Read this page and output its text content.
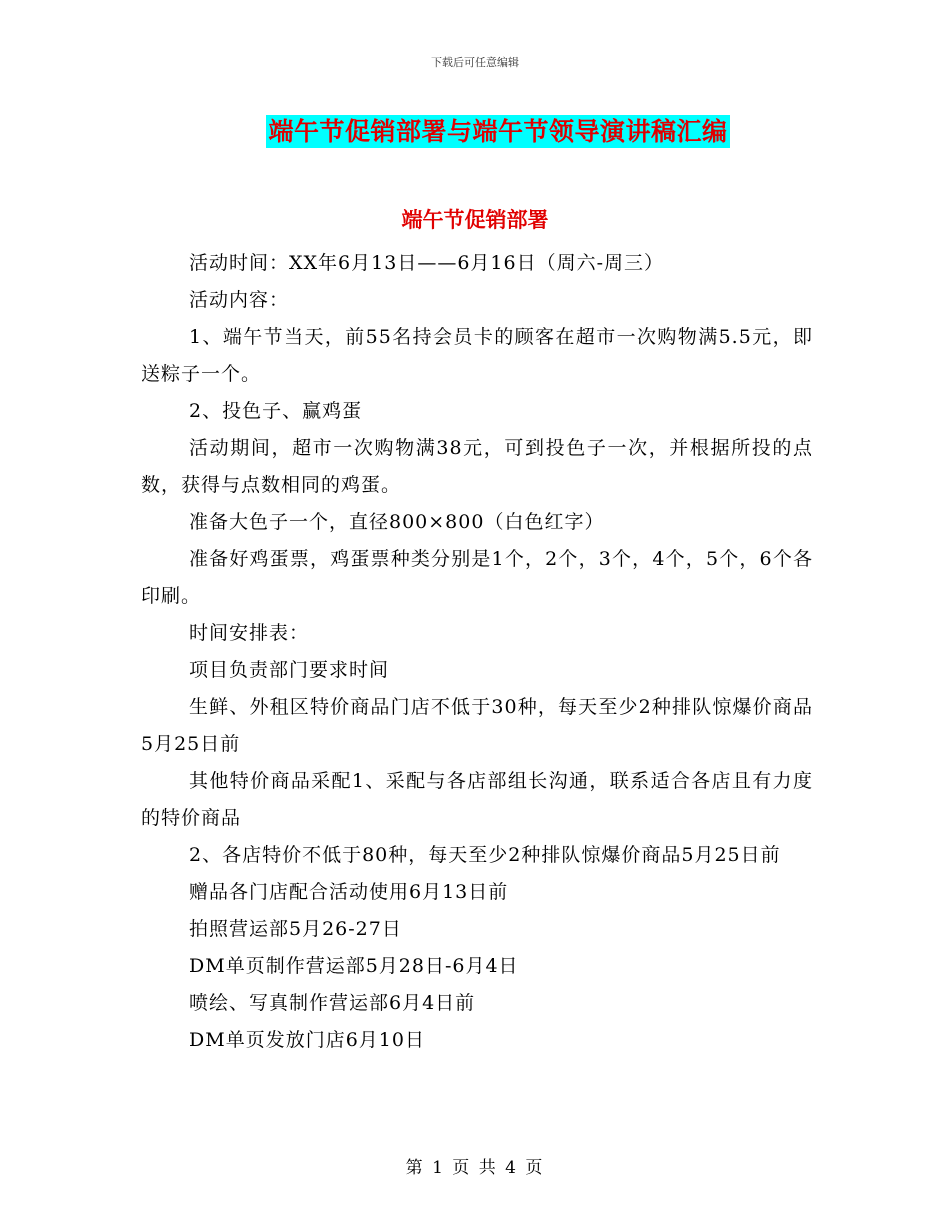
下载后可任意编辑
端午节促销部署与端午节领导演讲稿汇编
端午节促销部署

活动时间：XX年6月13日——6月16日（周六-周三）

活动内容：

1、端午节当天，前55名持会员卡的顾客在超市一次购物满5.5元，即送粽子一个。

2、投色子、赢鸡蛋

活动期间，超市一次购物满38元，可到投色子一次，并根据所投的点数，获得与点数相同的鸡蛋。

准备大色子一个，直径800×800（白色红字）

准备好鸡蛋票，鸡蛋票种类分别是1个，2个，3个，4个，5个，6个各印刷。

时间安排表：

项目负责部门要求时间

生鲜、外租区特价商品门店不低于30种，每天至少2种排队惊爆价商品5月25日前

其他特价商品采配1、采配与各店部组长沟通，联系适合各店且有力度的特价商品

2、各店特价不低于80种，每天至少2种排队惊爆价商品5月25日前

赠品各门店配合活动使用6月13日前

拍照营运部5月26-27日

DM单页制作营运部5月28日-6月4日

喷绘、写真制作营运部6月4日前

DM单页发放门店6月10日

第 1 页 共 4 页
